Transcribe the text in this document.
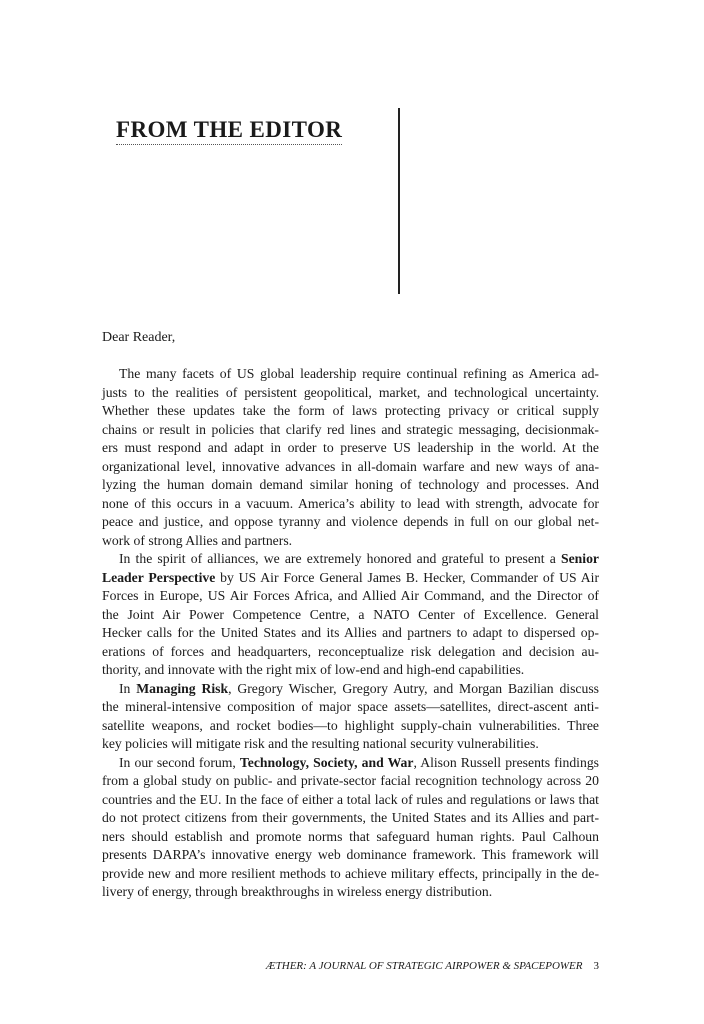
FROM THE EDITOR
Dear Reader,
The many facets of US global leadership require continual refining as America ad-
justs to the realities of persistent geopolitical, market, and technological uncertainty.
Whether these updates take the form of laws protecting privacy or critical supply
chains or result in policies that clarify red lines and strategic messaging, decisionmak-
ers must respond and adapt in order to preserve US leadership in the world. At the
organizational level, innovative advances in all-domain warfare and new ways of ana-
lyzing the human domain demand similar honing of technology and processes. And
none of this occurs in a vacuum. America’s ability to lead with strength, advocate for
peace and justice, and oppose tyranny and violence depends in full on our global net-
work of strong Allies and partners.
In the spirit of alliances, we are extremely honored and grateful to present a Senior
Leader Perspective by US Air Force General James B. Hecker, Commander of US Air
Forces in Europe, US Air Forces Africa, and Allied Air Command, and the Director of
the Joint Air Power Competence Centre, a NATO Center of Excellence. General
Hecker calls for the United States and its Allies and partners to adapt to dispersed op-
erations of forces and headquarters, reconceptualize risk delegation and decision au-
thority, and innovate with the right mix of low-end and high-end capabilities.
In Managing Risk, Gregory Wischer, Gregory Autry, and Morgan Bazilian discuss
the mineral-intensive composition of major space assets—satellites, direct-ascent anti-
satellite weapons, and rocket bodies—to highlight supply-chain vulnerabilities. Three
key policies will mitigate risk and the resulting national security vulnerabilities.
In our second forum, Technology, Society, and War, Alison Russell presents findings
from a global study on public- and private-sector facial recognition technology across 20
countries and the EU. In the face of either a total lack of rules and regulations or laws that
do not protect citizens from their governments, the United States and its Allies and part-
ners should establish and promote norms that safeguard human rights. Paul Calhoun
presents DARPA’s innovative energy web dominance framework. This framework will
provide new and more resilient methods to achieve military effects, principally in the de-
livery of energy, through breakthroughs in wireless energy distribution.
ÆTHER: A JOURNAL OF STRATEGIC AIRPOWER & SPACEPOWER 3
